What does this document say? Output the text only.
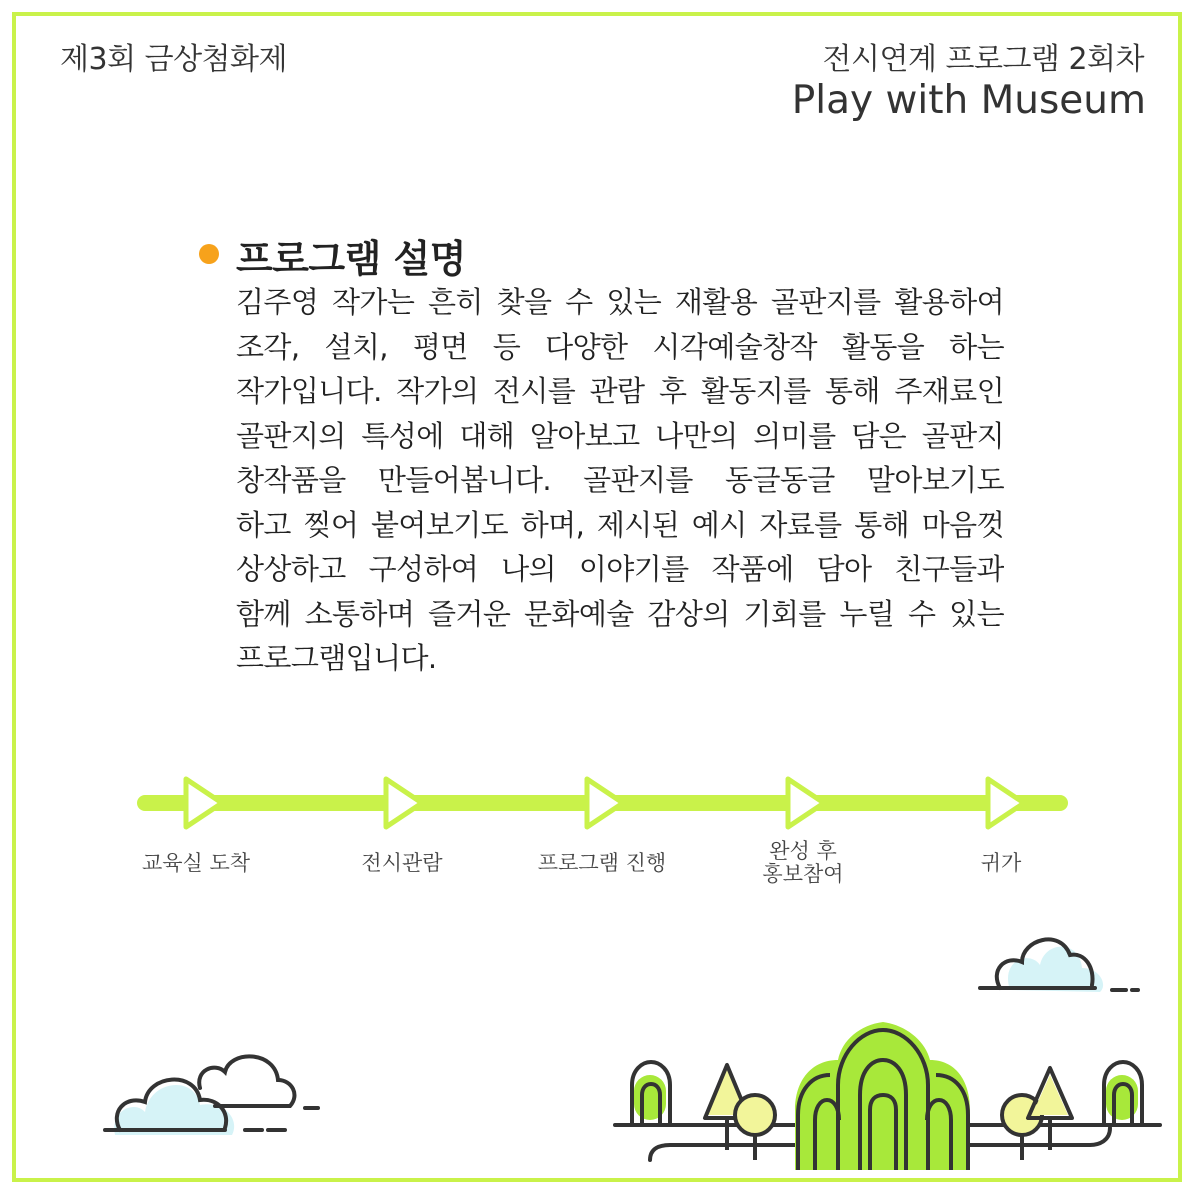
제3회 금상첨화제	전시연계 프로그램 2회차
Play with Museum
프로그램 설명
김주영 작가는 흔히 찾을 수 있는 재활용 골판지를 활용하여
조각, 설치, 평면 등 다양한 시각예술창작 활동을 하는
작가입니다. 작가의 전시를 관람 후 활동지를 통해 주재료인
골판지의 특성에 대해 알아보고 나만의 의미를 담은 골판지
창작품을 만들어봅니다. 골판지를 동글동글 말아보기도
하고 찢어 붙여보기도 하며, 제시된 예시 자료를 통해 마음껏
상상하고 구성하여 나의 이야기를 작품에 담아 친구들과
함께 소통하며 즐거운 문화예술 감상의 기회를 누릴 수 있는
프로그램입니다.
교육실 도착	전시관람	프로그램 진행	완성 후
홍보참여	귀가
